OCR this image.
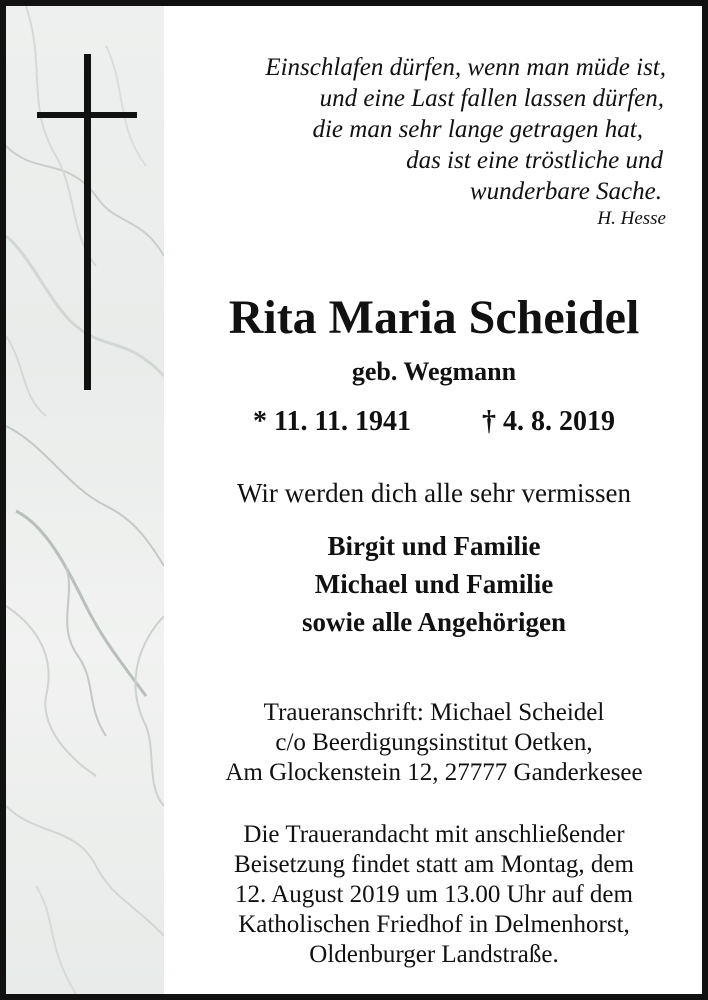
Einschlafen dürfen, wenn man müde ist,
und eine Last fallen lassen dürfen,
die man sehr lange getragen hat,
das ist eine tröstliche und
wunderbare Sache.
H. Hesse
Rita Maria Scheidel
geb. Wegmann
* 11. 11. 1941	† 4. 8. 2019
Wir werden dich alle sehr vermissen
Birgit und Familie
Michael und Familie
sowie alle Angehörigen
Traueranschrift: Michael Scheidel
c/o Beerdigungsinstitut Oetken,
Am Glockenstein 12, 27777 Ganderkesee
Die Trauerandacht mit anschließender
Beisetzung findet statt am Montag, dem
12. August 2019 um 13.00 Uhr auf dem
Katholischen Friedhof in Delmenhorst,
Oldenburger Landstraße.
